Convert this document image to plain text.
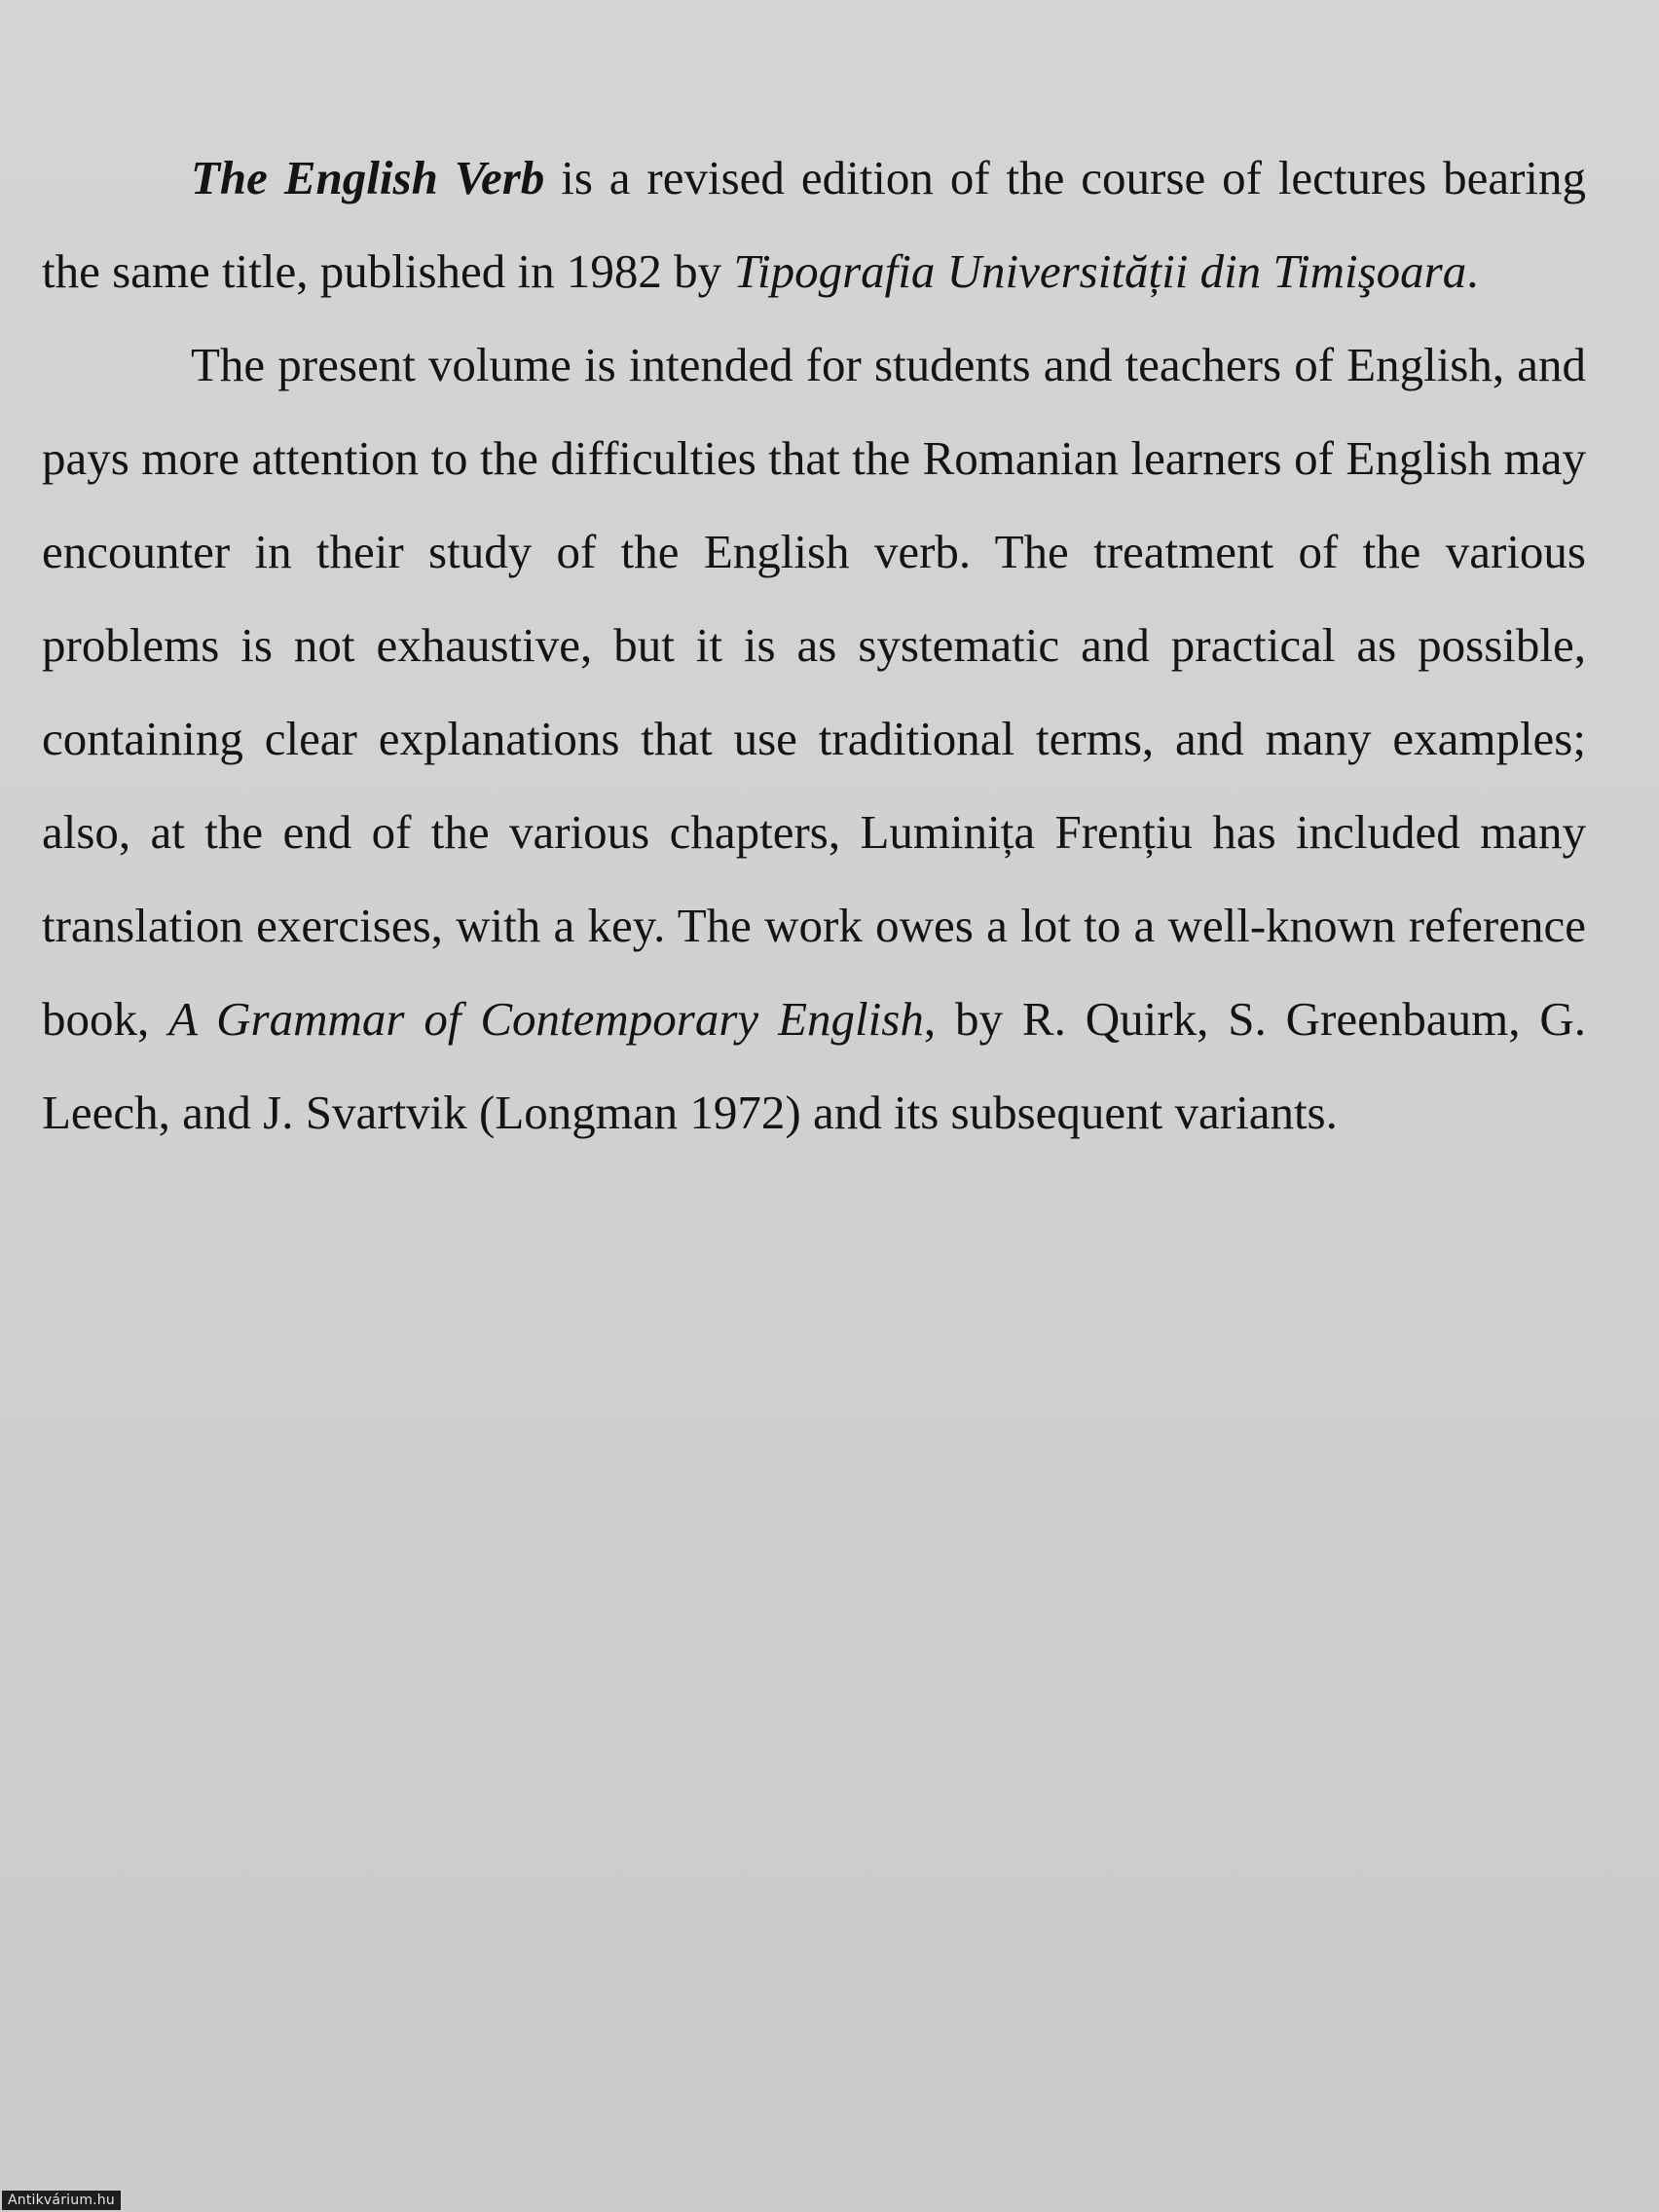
The English Verb is a revised edition of the course of lectures bearing the same title, published in 1982 by Tipografia Universității din Timişoara.

The present volume is intended for students and teachers of English, and pays more attention to the difficulties that the Romanian learners of English may encounter in their study of the English verb. The treatment of the various problems is not exhaustive, but it is as systematic and practical as possible, containing clear explanations that use traditional terms, and many examples; also, at the end of the various chapters, Luminița Frențiu has included many translation exercises, with a key. The work owes a lot to a well-known reference book, A Grammar of Contemporary English, by R. Quirk, S. Greenbaum, G. Leech, and J. Svartvik (Longman 1972) and its subsequent variants.

Antikvárium.hu
